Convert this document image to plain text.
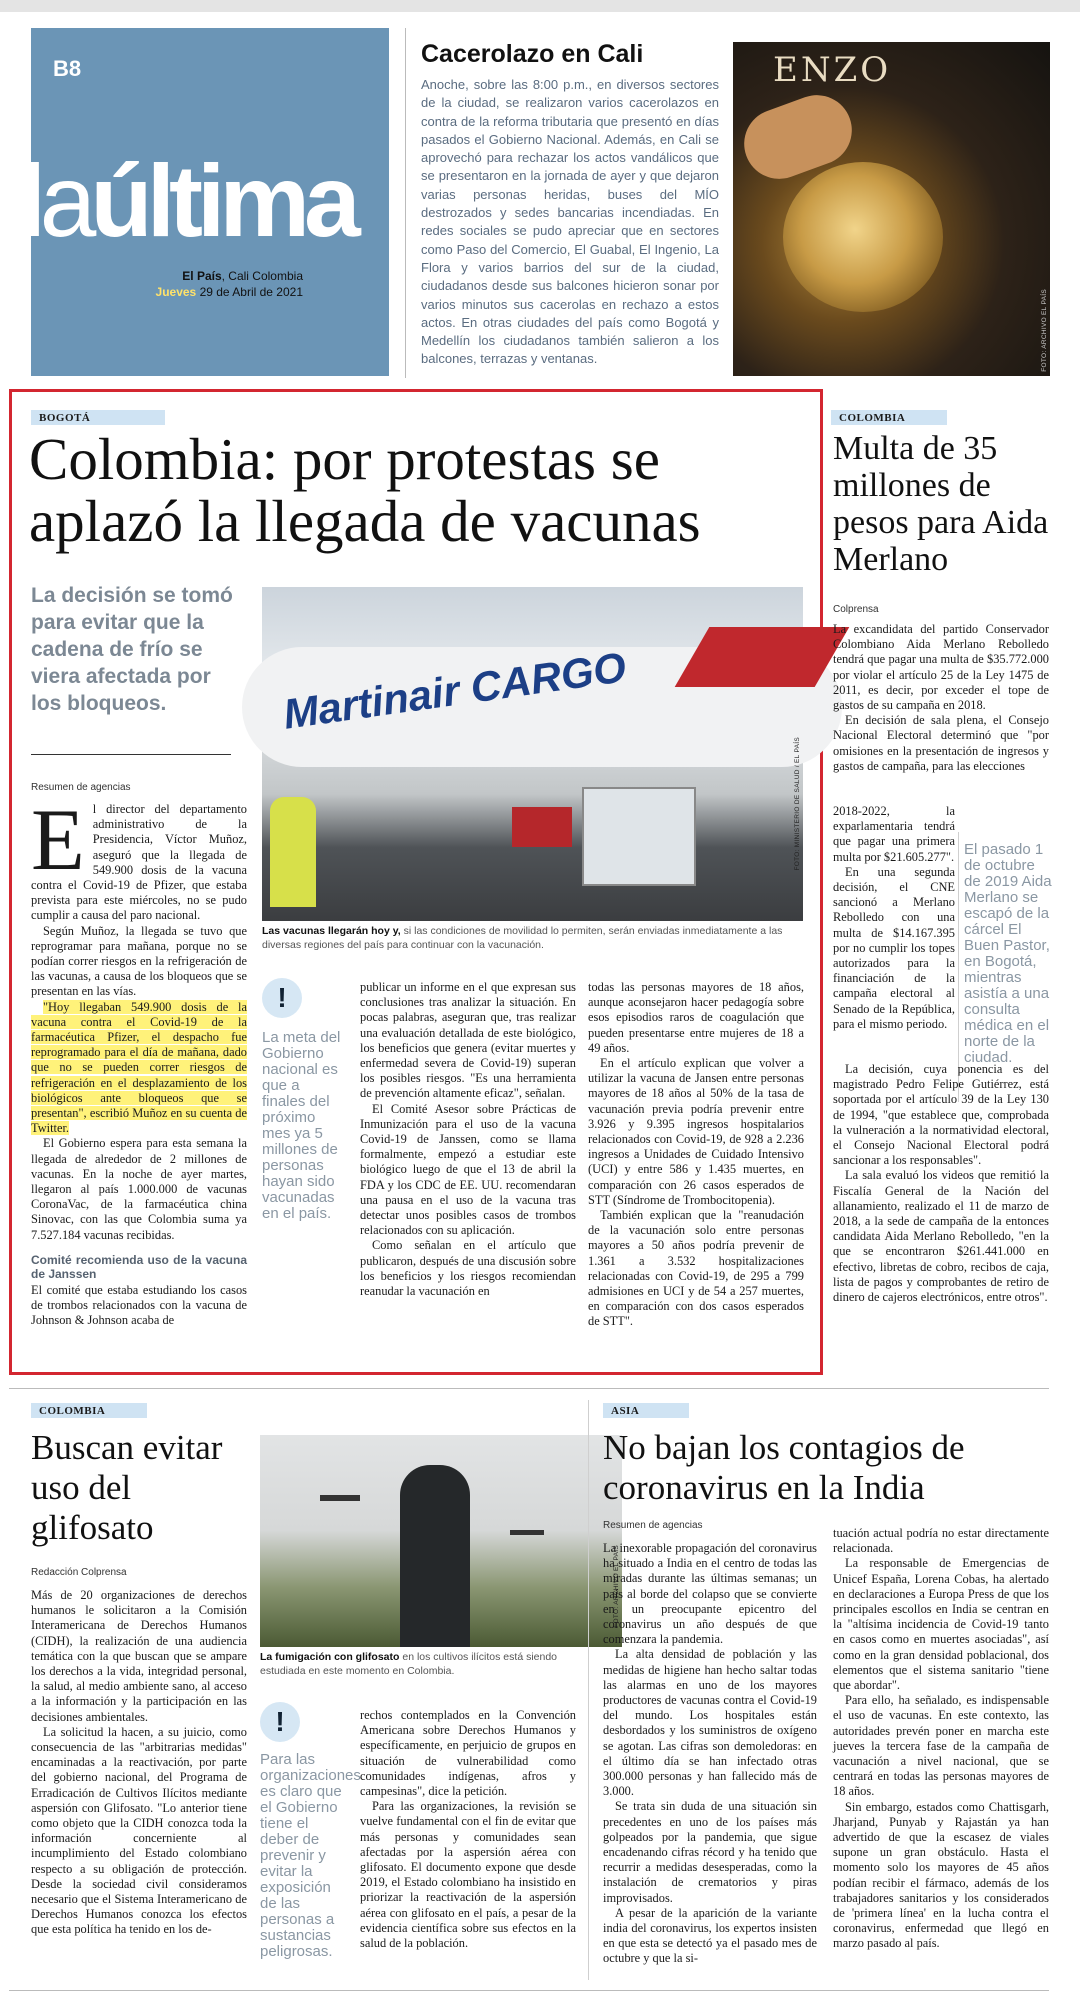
B8
laúltima
El País, Cali Colombia
Jueves 29 de Abril de 2021
Cacerolazo en Cali
Anoche, sobre las 8:00 p.m., en diversos sectores de la ciudad, se realizaron varios cacerolazos en contra de la reforma tributaria que presentó en días pasados el Gobierno Nacional. Además, en Cali se aprovechó para rechazar los actos vandálicos que se presentaron en la jornada de ayer y que dejaron varias personas heridas, buses del MÍO destrozados y sedes bancarias incendiadas. En redes sociales se pudo apreciar que en sectores como Paso del Comercio, El Guabal, El Ingenio, La Flora y varios barrios del sur de la ciudad, ciudadanos desde sus balcones hicieron sonar por varios minutos sus cacerolas en rechazo a estos actos. En otras ciudades del país como Bogotá y Medellín los ciudadanos también salieron a los balcones, terrazas y ventanas.
ENZO
FOTO: ARCHIVO EL PAÍS
BOGOTÁ
Colombia: por protestas se aplazó la llegada de vacunas
La decisión se tomó para evitar que la cadena de frío se viera afectada por los bloqueos.	Martinair CARGO
FOTO: MINISTERIO DE SALUD / EL PAÍS
Las vacunas llegarán hoy y, si las condiciones de movilidad lo permiten, serán enviadas inmediatamente a las diversas regiones del país para continuar con la vacunación.
Resumen de agencias
E l director del departamento administrativo de la Presidencia, Víctor Muñoz, aseguró que la llegada de 549.900 dosis de la vacuna contra el Covid-19 de Pfizer, que estaba prevista para este miércoles, no se pudo cumplir a causa del paro nacional.

Según Muñoz, la llegada se tuvo que reprogramar para mañana, porque no se podían correr riesgos en la refrigeración de las vacunas, a causa de los bloqueos que se presentan en las vías.

"Hoy llegaban 549.900 dosis de la vacuna contra el Covid-19 de la farmacéutica Pfizer, el despacho fue reprogramado para el día de mañana, dado que no se pueden correr riesgos de refrigeración en el desplazamiento de los biológicos ante bloqueos que se presentan", escribió Muñoz en su cuenta de Twitter.

El Gobierno espera para esta semana la llegada de alrededor de 2 millones de vacunas. En la noche de ayer martes, llegaron al país 1.000.000 de vacunas CoronaVac, de la farmacéutica china Sinovac, con las que Colombia suma ya 7.527.184 vacunas recibidas.

Comité recomienda uso de la vacuna de Janssen

El comité que estaba estudiando los casos de trombos relacionados con la vacuna de Johnson & Johnson acaba de

!
La meta del Gobierno nacional es que a finales del próximo mes ya 5 millones de personas hayan sido vacunadas en el país.

publicar un informe en el que expresan sus conclusiones tras analizar la situación. En pocas palabras, aseguran que, tras realizar una evaluación detallada de este biológico, los beneficios que genera (evitar muertes y enfermedad severa de Covid-19) superan los posibles riesgos. "Es una herramienta de prevención altamente eficaz", señalan.

El Comité Asesor sobre Prácticas de Inmunización para el uso de la vacuna Covid-19 de Janssen, como se llama formalmente, empezó a estudiar este biológico luego de que el 13 de abril la FDA y los CDC de EE. UU. recomendaran una pausa en el uso de la vacuna tras detectar unos posibles casos de trombos relacionados con su aplicación.

Como señalan en el artículo que publicaron, después de una discusión sobre los beneficios y los riesgos recomiendan reanudar la vacunación en

todas las personas mayores de 18 años, aunque aconsejaron hacer pedagogía sobre esos episodios raros de coagulación que pueden presentarse entre mujeres de 18 a 49 años.

En el artículo explican que volver a utilizar la vacuna de Jansen entre personas mayores de 18 años al 50% de la tasa de vacunación previa podría prevenir entre 3.926 y 9.395 ingresos hospitalarios relacionados con Covid-19, de 928 a 2.236 ingresos a Unidades de Cuidado Intensivo (UCI) y entre 586 y 1.435 muertes, en comparación con 26 casos esperados de STT (Síndrome de Trombocitopenia).

También explican que la "reanudación de la vacunación solo entre personas mayores a 50 años podría prevenir de 1.361 a 3.532 hospitalizaciones relacionadas con Covid-19, de 295 a 799 admisiones en UCI y de 54 a 257 muertes, en comparación con dos casos esperados de STT".

COLOMBIA
Multa de 35 millones de pesos para Aida Merlano
Colprensa

La excandidata del partido Conservador Colombiano Aida Merlano Rebolledo tendrá que pagar una multa de $35.772.000 por violar el artículo 25 de la Ley 1475 de 2011, es decir, por exceder el tope de gastos de su campaña en 2018.

En decisión de sala plena, el Consejo Nacional Electoral determinó que "por omisiones en la presentación de ingresos y gastos de campaña, para las elecciones

2018-2022, la exparlamentaria tendrá que pagar una primera multa por $21.605.277".

En una segunda decisión, el CNE sancionó a Merlano Rebolledo con una multa de $14.167.395 por no cumplir los topes autorizados para la financiación de la campaña electoral al Senado de la República, para el mismo periodo.

El pasado 1 de octubre de 2019 Aida Merlano se escapó de la cárcel El Buen Pastor, en Bogotá, mientras asistía a una consulta médica en el norte de la ciudad.

La decisión, cuya ponencia es del magistrado Pedro Felipe Gutiérrez, está soportada por el artículo 39 de la Ley 130 de 1994, "que establece que, comprobada la vulneración a la normatividad electoral, el Consejo Nacional Electoral podrá sancionar a los responsables".

La sala evaluó los videos que remitió la Fiscalía General de la Nación del allanamiento, realizado el 11 de marzo de 2018, a la sede de campaña de la entonces candidata Aida Merlano Rebolledo, "en la que se encontraron $261.441.000 en efectivo, libretas de cobro, recibos de caja, lista de pagos y comprobantes de retiro de dinero de cajeros electrónicos, entre otros".

COLOMBIA
Buscan evitar uso del glifosato
Redacción Colprensa	FOTO: ARCHIVO EL PAÍS
La fumigación con glifosato en los cultivos ilícitos está siendo estudiada en este momento en Colombia.

Más de 20 organizaciones de derechos humanos le solicitaron a la Comisión Interamericana de Derechos Humanos (CIDH), la realización de una audiencia temática con la que buscan que se ampare los derechos a la vida, integridad personal, la salud, al medio ambiente sano, al acceso a la información y la participación en las decisiones ambientales.

La solicitud la hacen, a su juicio, como consecuencia de las "arbitrarias medidas" encaminadas a la reactivación, por parte del gobierno nacional, del Programa de Erradicación de Cultivos Ilícitos mediante aspersión con Glifosato. "Lo anterior tiene como objeto que la CIDH conozca toda la información concerniente al incumplimiento del Estado colombiano respecto a su obligación de protección. Desde la sociedad civil consideramos necesario que el Sistema Interamericano de Derechos Humanos conozca los efectos que esta política ha tenido en los de-

!
Para las organizaciones es claro que el Gobierno tiene el deber de prevenir y evitar la exposición de las personas a sustancias peligrosas.

rechos contemplados en la Convención Americana sobre Derechos Humanos y específicamente, en perjuicio de grupos en situación de vulnerabilidad como comunidades indígenas, afros y campesinas", dice la petición.

Para las organizaciones, la revisión se vuelve fundamental con el fin de evitar que más personas y comunidades sean afectadas por la aspersión aérea con glifosato. El documento expone que desde 2019, el Estado colombiano ha insistido en priorizar la reactivación de la aspersión aérea con glifosato en el país, a pesar de la evidencia científica sobre sus efectos en la salud de la población.

ASIA
No bajan los contagios de coronavirus en la India
Resumen de agencias

La inexorable propagación del coronavirus ha situado a India en el centro de todas las miradas durante las últimas semanas; un país al borde del colapso que se convierte en un preocupante epicentro del coronavirus un año después de que comenzara la pandemia.

La alta densidad de población y las medidas de higiene han hecho saltar todas las alarmas en uno de los mayores productores de vacunas contra el Covid-19 del mundo. Los hospitales están desbordados y los suministros de oxígeno se agotan. Las cifras son demoledoras: en el último día se han infectado otras 300.000 personas y han fallecido más de 3.000.

Se trata sin duda de una situación sin precedentes en uno de los países más golpeados por la pandemia, que sigue encadenando cifras récord y ha tenido que recurrir a medidas desesperadas, como la instalación de crematorios y piras improvisados.

A pesar de la aparición de la variante india del coronavirus, los expertos insisten en que esta se detectó ya el pasado mes de octubre y que la si-

tuación actual podría no estar directamente relacionada.

La responsable de Emergencias de Unicef España, Lorena Cobas, ha alertado en declaraciones a Europa Press de que los principales escollos en India se centran en la "altísima incidencia de Covid-19 tanto en casos como en muertes asociadas", así como en la gran densidad poblacional, dos elementos que el sistema sanitario "tiene que abordar".

Para ello, ha señalado, es indispensable el uso de vacunas. En este contexto, las autoridades prevén poner en marcha este jueves la tercera fase de la campaña de vacunación a nivel nacional, que se centrará en todas las personas mayores de 18 años.

Sin embargo, estados como Chattisgarh, Jharjand, Punyab y Rajastán ya han advertido de que la escasez de viales supone un gran obstáculo. Hasta el momento solo los mayores de 45 años podían recibir el fármaco, además de los trabajadores sanitarios y los considerados de 'primera línea' en la lucha contra el coronavirus, enfermedad que llegó en marzo pasado al país.
